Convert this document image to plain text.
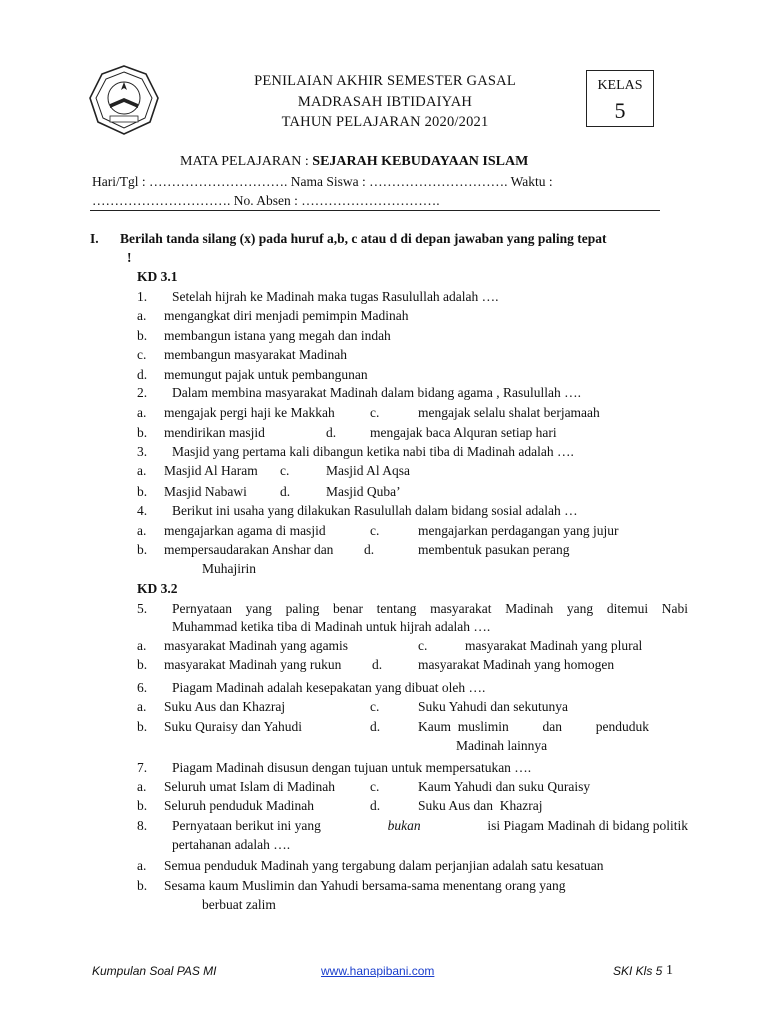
PENILAIAN AKHIR SEMESTER GASAL
MADRASAH IBTIDAIYAH
TAHUN PELAJARAN 2020/2021
KELAS
5
MATA PELAJARAN : SEJARAH KEBUDAYAAN ISLAM
Hari/Tgl : …………………………. Nama Siswa : …………………………. Waktu :
…………………………. No. Absen : ………………………….
I. Berilah tanda silang (x) pada huruf a,b, c atau d di depan jawaban yang paling tepat
!
KD 3.1
1. Setelah hijrah ke Madinah maka tugas Rasulullah adalah ….
a. mengangkat diri menjadi pemimpin Madinah
b. membangun istana yang megah dan indah
c. membangun masyarakat Madinah
d. memungut pajak untuk pembangunan
2. Dalam membina masyarakat Madinah dalam bidang agama , Rasulullah ….
a. mengajak pergi haji ke Makkah	c.	mengajak selalu shalat berjamaah
b. mendirikan masjid	d.	mengajak baca Alquran setiap hari
3. Masjid yang pertama kali dibangun ketika nabi tiba di Madinah adalah ….
a. Masjid Al Haram c.	Masjid Al Aqsa
b. Masjid Nabawi d.	Masjid Quba’
4. Berikut ini usaha yang dilakukan Rasulullah dalam bidang sosial adalah …
a. mengajarkan agama di masjid	c.	mengajarkan perdagangan yang jujur
b. mempersaudarakan Anshar dan d.	membentuk pasukan perang
Muhajirin
KD 3.2
5. Pernyataan yang paling benar tentang masyarakat Madinah yang ditemui Nabi
Muhammad ketika tiba di Madinah untuk hijrah adalah ….
a. masyarakat Madinah yang agamis	c.	masyarakat Madinah yang plural
b. masyarakat Madinah yang rukun d.	masyarakat Madinah yang homogen
6. Piagam Madinah adalah kesepakatan yang dibuat oleh ….
a. Suku Aus dan Khazraj	c.	Suku Yahudi dan sekutunya
b. Suku Quraisy dan Yahudi	d.	Kaum  muslimin          dan          penduduk
Madinah lainnya
7. Piagam Madinah disusun dengan tujuan untuk mempersatukan ….
a. Seluruh umat Islam di Madinah	c.	Kaum Yahudi dan suku Quraisy
b. Seluruh penduduk Madinah	d.	Suku Aus dan  Khazraj
8. Pernyataan berikut ini yang	bukan	isi Piagam Madinah di bidang politik
pertahanan adalah ….
a. Semua penduduk Madinah yang tergabung dalam perjanjian adalah satu kesatuan
b. Sesama kaum Muslimin dan Yahudi bersama-sama menentang orang yang
berbuat zalim
Kumpulan Soal PAS MI	www.hanapibani.com	SKI Kls 5 1
